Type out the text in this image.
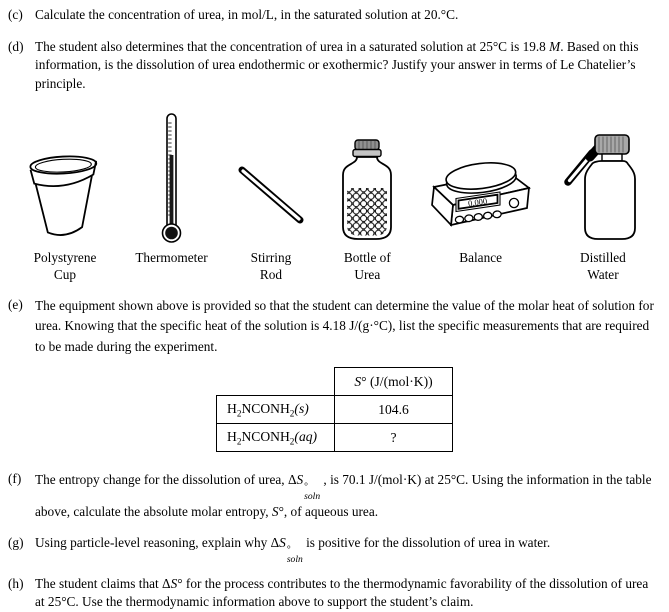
(c) Calculate the concentration of urea, in mol/L, in the saturated solution at 20.°C.
(d) The student also determines that the concentration of urea in a saturated solution at 25°C is 19.8 M. Based on this information, is the dissolution of urea endothermic or exothermic? Justify your answer in terms of Le Chatelier’s principle.
Polystyrene
Cup
Thermometer	Stirring
Rod
Bottle of
Urea
0.000
Balance	Distilled
Water
(e) The equipment shown above is provided so that the student can determine the value of the molar heat of solution for urea. Knowing that the specific heat of the solution is 4.18 J/(g·°C), list the specific measurements that are required to be made during the experiment.
	S° (J/(mol·K))
$H_2NCONH_2(s)$	104.6
$H_2NCONH_2(aq)$	?
(f)	The entropy change for the dissolution of urea, ΔS °
soln
, is 70.1 J/(mol·K) at 25°C. Using the information in the table above, calculate the absolute molar entropy, S°, of aqueous urea.
(g) Using particle-level reasoning, explain why ΔS °
soln
is positive for the dissolution of urea in water.
(h) The student claims that ΔS° for the process contributes to the thermodynamic favorability of the dissolution of urea at 25°C. Use the thermodynamic information above to support the student’s claim.
